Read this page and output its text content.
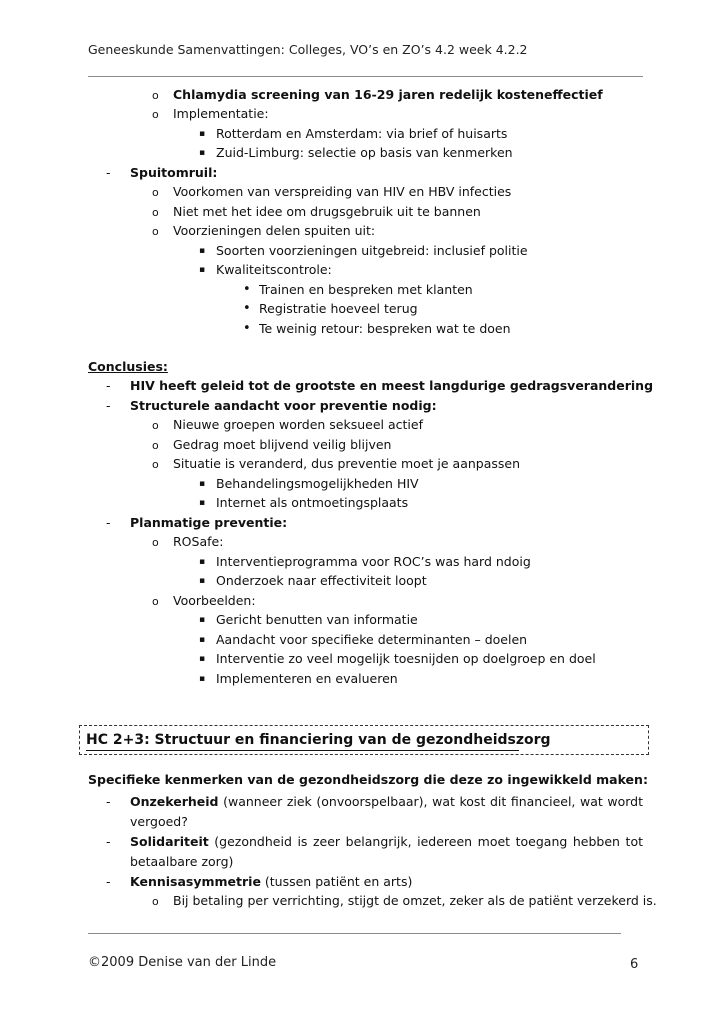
Geneeskunde Samenvattingen: Colleges, VO’s en ZO’s 4.2 week 4.2.2
o Chlamydia screening van 16-29 jaren redelijk kosteneffectief
o Implementatie:
▪ Rotterdam en Amsterdam: via brief of huisarts
▪ Zuid-Limburg: selectie op basis van kenmerken
- Spuitomruil:
o Voorkomen van verspreiding van HIV en HBV infecties
o Niet met het idee om drugsgebruik uit te bannen
o Voorzieningen delen spuiten uit:
▪ Soorten voorzieningen uitgebreid: inclusief politie
▪ Kwaliteitscontrole:
• Trainen en bespreken met klanten
• Registratie hoeveel terug
• Te weinig retour: bespreken wat te doen
Conclusies:
- HIV heeft geleid tot de grootste en meest langdurige gedragsverandering
- Structurele aandacht voor preventie nodig:
o Nieuwe groepen worden seksueel actief
o Gedrag moet blijvend veilig blijven
o Situatie is veranderd, dus preventie moet je aanpassen
▪ Behandelingsmogelijkheden HIV
▪ Internet als ontmoetingsplaats
- Planmatige preventie:
o ROSafe:
▪ Interventieprogramma voor ROC’s was hard ndoig
▪ Onderzoek naar effectiviteit loopt
o Voorbeelden:
▪ Gericht benutten van informatie
▪ Aandacht voor specifieke determinanten – doelen
▪ Interventie zo veel mogelijk toesnijden op doelgroep en doel
▪ Implementeren en evalueren
HC 2+3: Structuur en financiering van de gezondheidszorg
Specifieke kenmerken van de gezondheidszorg die deze zo ingewikkeld maken:
- Onzekerheid (wanneer ziek (onvoorspelbaar), wat kost dit financieel, wat wordt vergoed?
- Solidariteit (gezondheid is zeer belangrijk, iedereen moet toegang hebben tot betaalbare zorg)
- Kennisasymmetrie (tussen patiënt en arts)
o Bij betaling per verrichting, stijgt de omzet, zeker als de patiënt verzekerd is.
©2009 Denise van der Linde	6
